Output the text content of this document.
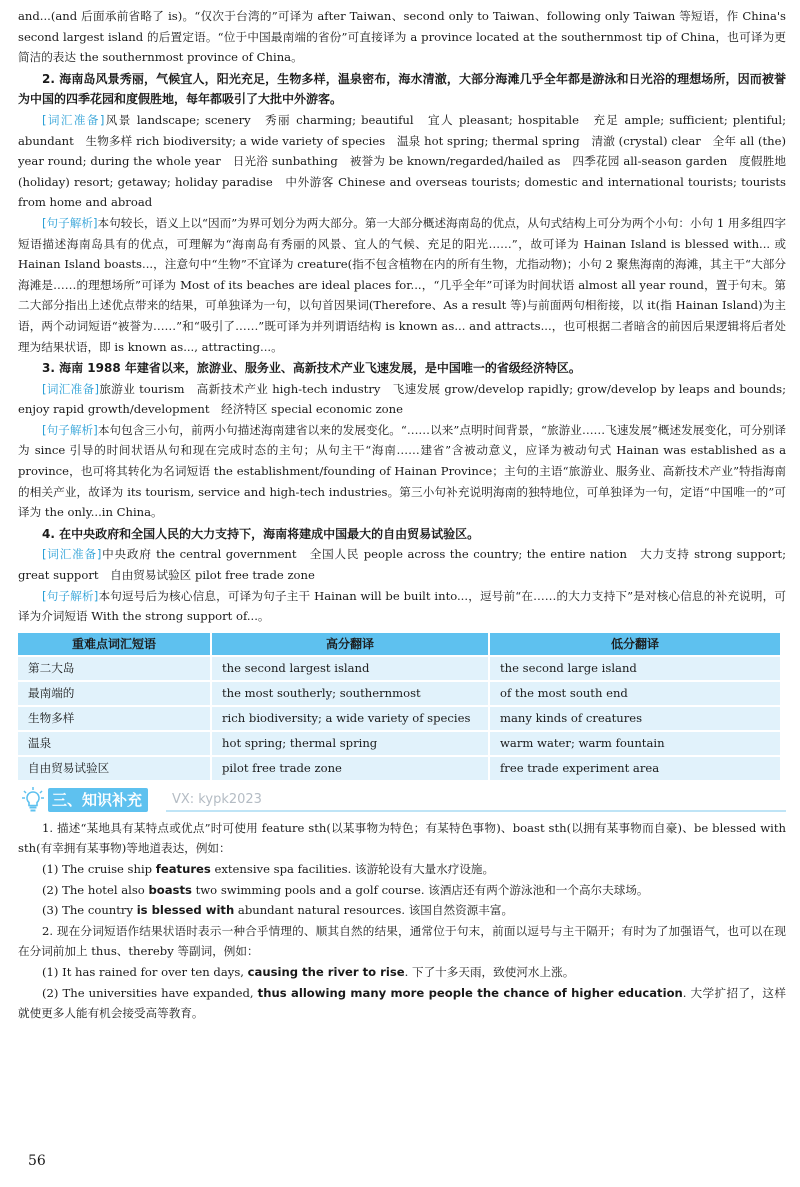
and...(and 后面承前省略了 is)。“仅次于台湾的”可译为 after Taiwan、second only to Taiwan、following only Taiwan 等短语，作 China's second largest island 的后置定语。“位于中国最南端的省份”可直接译为 a province located at the southernmost tip of China，也可译为更简洁的表达 the southernmost province of China。

2. 海南岛风景秀丽，气候宜人，阳光充足，生物多样，温泉密布，海水清澈，大部分海滩几乎全年都是游泳和日光浴的理想场所，因而被誉为中国的四季花园和度假胜地，每年都吸引了大批中外游客。

[词汇准备]风景 landscape; scenery　秀丽 charming; beautiful　宜人 pleasant; hospitable　充足 ample; sufficient; plentiful; abundant　生物多样 rich biodiversity; a wide variety of species　温泉 hot spring; thermal spring　清澈 (crystal) clear　全年 all (the) year round; during the whole year　日光浴 sunbathing　被誉为 be known/regarded/hailed as　四季花园 all-season garden　度假胜地(holiday) resort; getaway; holiday paradise　中外游客 Chinese and overseas tourists; domestic and international tourists; tourists from home and abroad

[句子解析]本句较长，语义上以“因而”为界可划分为两大部分。第一大部分概述海南岛的优点，从句式结构上可分为两个小句：小句 1 用多组四字短语描述海南岛具有的优点，可理解为“海南岛有秀丽的风景、宜人的气候、充足的阳光……”，故可译为 Hainan Island is blessed with... 或 Hainan Island boasts...，注意句中“生物”不宜译为 creature(指不包含植物在内的所有生物，尤指动物)；小句 2 聚焦海南的海滩，其主干“大部分海滩是……的理想场所”可译为 Most of its beaches are ideal places for...，“几乎全年”可译为时间状语 almost all year round，置于句末。第二大部分指出上述优点带来的结果，可单独译为一句，以句首因果词(Therefore、As a result 等)与前面两句相衔接，以 it(指 Hainan Island)为主语，两个动词短语“被誉为……”和“吸引了……”既可译为并列谓语结构 is known as... and attracts...，也可根据二者暗含的前因后果逻辑将后者处理为结果状语，即 is known as..., attracting...。

3. 海南 1988 年建省以来，旅游业、服务业、高新技术产业飞速发展，是中国唯一的省级经济特区。

[词汇准备]旅游业 tourism　高新技术产业 high-tech industry　飞速发展 grow/develop rapidly; grow/develop by leaps and bounds; enjoy rapid growth/development　经济特区 special economic zone

[句子解析]本句包含三小句，前两小句描述海南建省以来的发展变化。“……以来”点明时间背景，“旅游业……飞速发展”概述发展变化，可分别译为 since 引导的时间状语从句和现在完成时态的主句；从句主干“海南……建省”含被动意义，应译为被动句式 Hainan was established as a province，也可将其转化为名词短语 the establishment/founding of Hainan Province；主句的主语“旅游业、服务业、高新技术产业”特指海南的相关产业，故译为 its tourism, service and high-tech industries。第三小句补充说明海南的独特地位，可单独译为一句，定语“中国唯一的”可译为 the only...in China。

4. 在中央政府和全国人民的大力支持下，海南将建成中国最大的自由贸易试验区。

[词汇准备]中央政府 the central government　全国人民 people across the country; the entire nation　大力支持 strong support; great support　自由贸易试验区 pilot free trade zone

[句子解析]本句逗号后为核心信息，可译为句子主干 Hainan will be built into...，逗号前“在……的大力支持下”是对核心信息的补充说明，可译为介词短语 With the strong support of...。

重难点词汇短语	高分翻译	低分翻译
第二大岛	the second largest island	the second large island
最南端的	the most southerly; southernmost	of the most south end
生物多样	rich biodiversity; a wide variety of species	many kinds of creatures
温泉	hot spring; thermal spring	warm water; warm fountain
自由贸易试验区	pilot free trade zone	free trade experiment area
三、知识补充	VX: kypk2023

1. 描述“某地具有某特点或优点”时可使用 feature sth(以某事物为特色；有某特色事物)、boast sth(以拥有某事物而自豪)、be blessed with sth(有幸拥有某事物)等地道表达，例如：

(1) The cruise ship features extensive spa facilities. 该游轮设有大量水疗设施。

(2) The hotel also boasts two swimming pools and a golf course. 该酒店还有两个游泳池和一个高尔夫球场。

(3) The country is blessed with abundant natural resources. 该国自然资源丰富。

2. 现在分词短语作结果状语时表示一种合乎情理的、顺其自然的结果，通常位于句末，前面以逗号与主干隔开；有时为了加强语气，也可以在现在分词前加上 thus、thereby 等副词，例如：

(1) It has rained for over ten days, causing the river to rise. 下了十多天雨，致使河水上涨。

(2) The universities have expanded, thus allowing many more people the chance of higher education. 大学扩招了，这样就使更多人能有机会接受高等教育。

56
